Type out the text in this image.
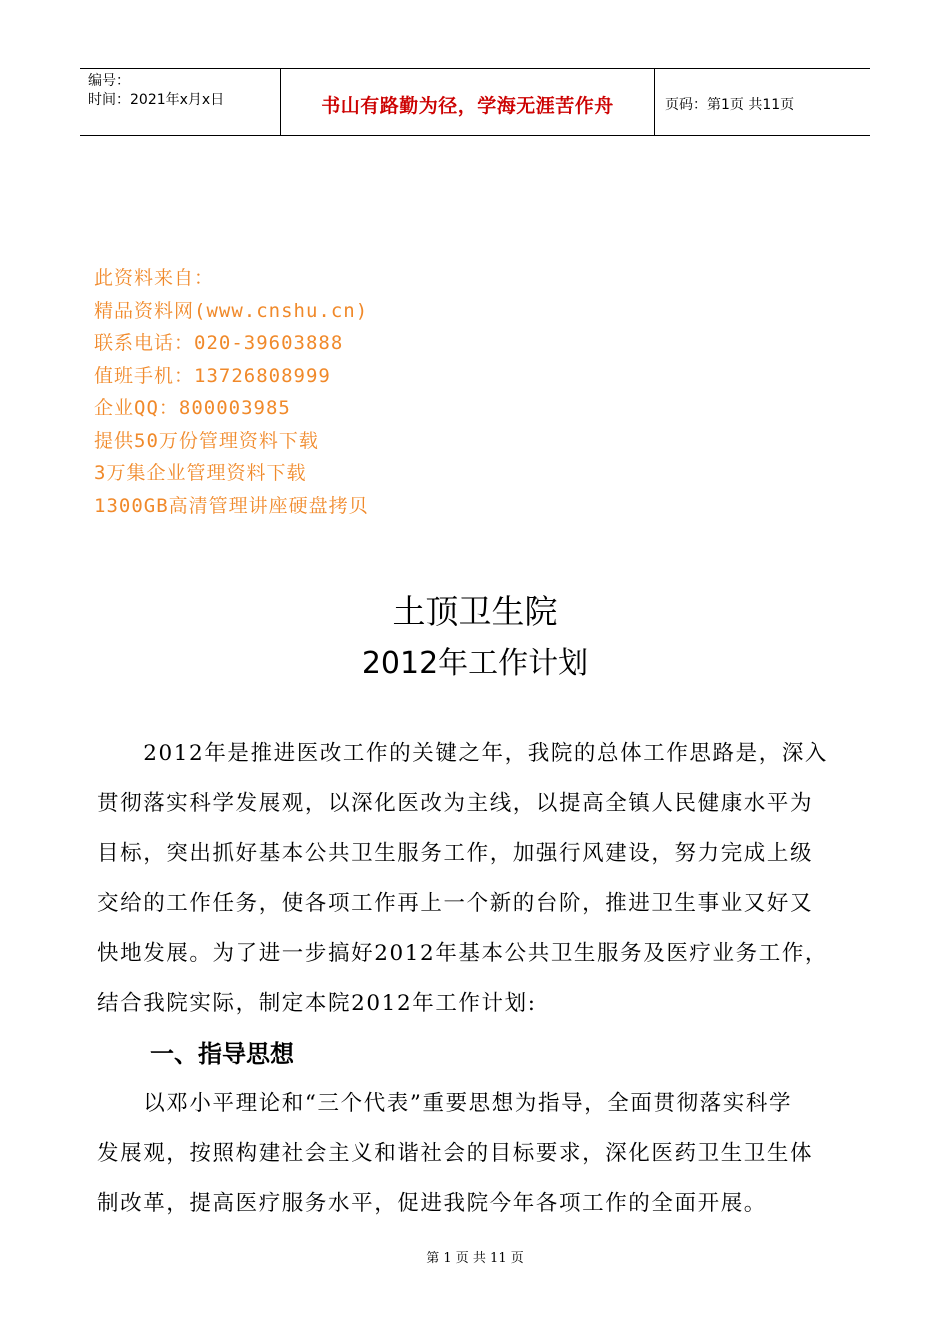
编号：
时间：2021年x月x日	书山有路勤为径，学海无涯苦作舟	页码：第1页 共11页
此资料来自：
精品资料网(www.cnshu.cn)
联系电话：020-39603888
值班手机：13726808999
企业QQ：800003985
提供50万份管理资料下载
3万集企业管理资料下载
1300GB高清管理讲座硬盘拷贝
土顶卫生院
2012年工作计划
　　2012年是推进医改工作的关键之年，我院的总体工作思路是，深入
贯彻落实科学发展观，以深化医改为主线，以提高全镇人民健康水平为
目标，突出抓好基本公共卫生服务工作，加强行风建设，努力完成上级
交给的工作任务，使各项工作再上一个新的台阶，推进卫生事业又好又
快地发展。为了进一步搞好2012年基本公共卫生服务及医疗业务工作，
结合我院实际，制定本院2012年工作计划:
一、指导思想
　　以邓小平理论和“三个代表”重要思想为指导，全面贯彻落实科学
发展观，按照构建社会主义和谐社会的目标要求，深化医药卫生卫生体
制改革，提高医疗服务水平，促进我院今年各项工作的全面开展。
第 1 页 共 11 页
